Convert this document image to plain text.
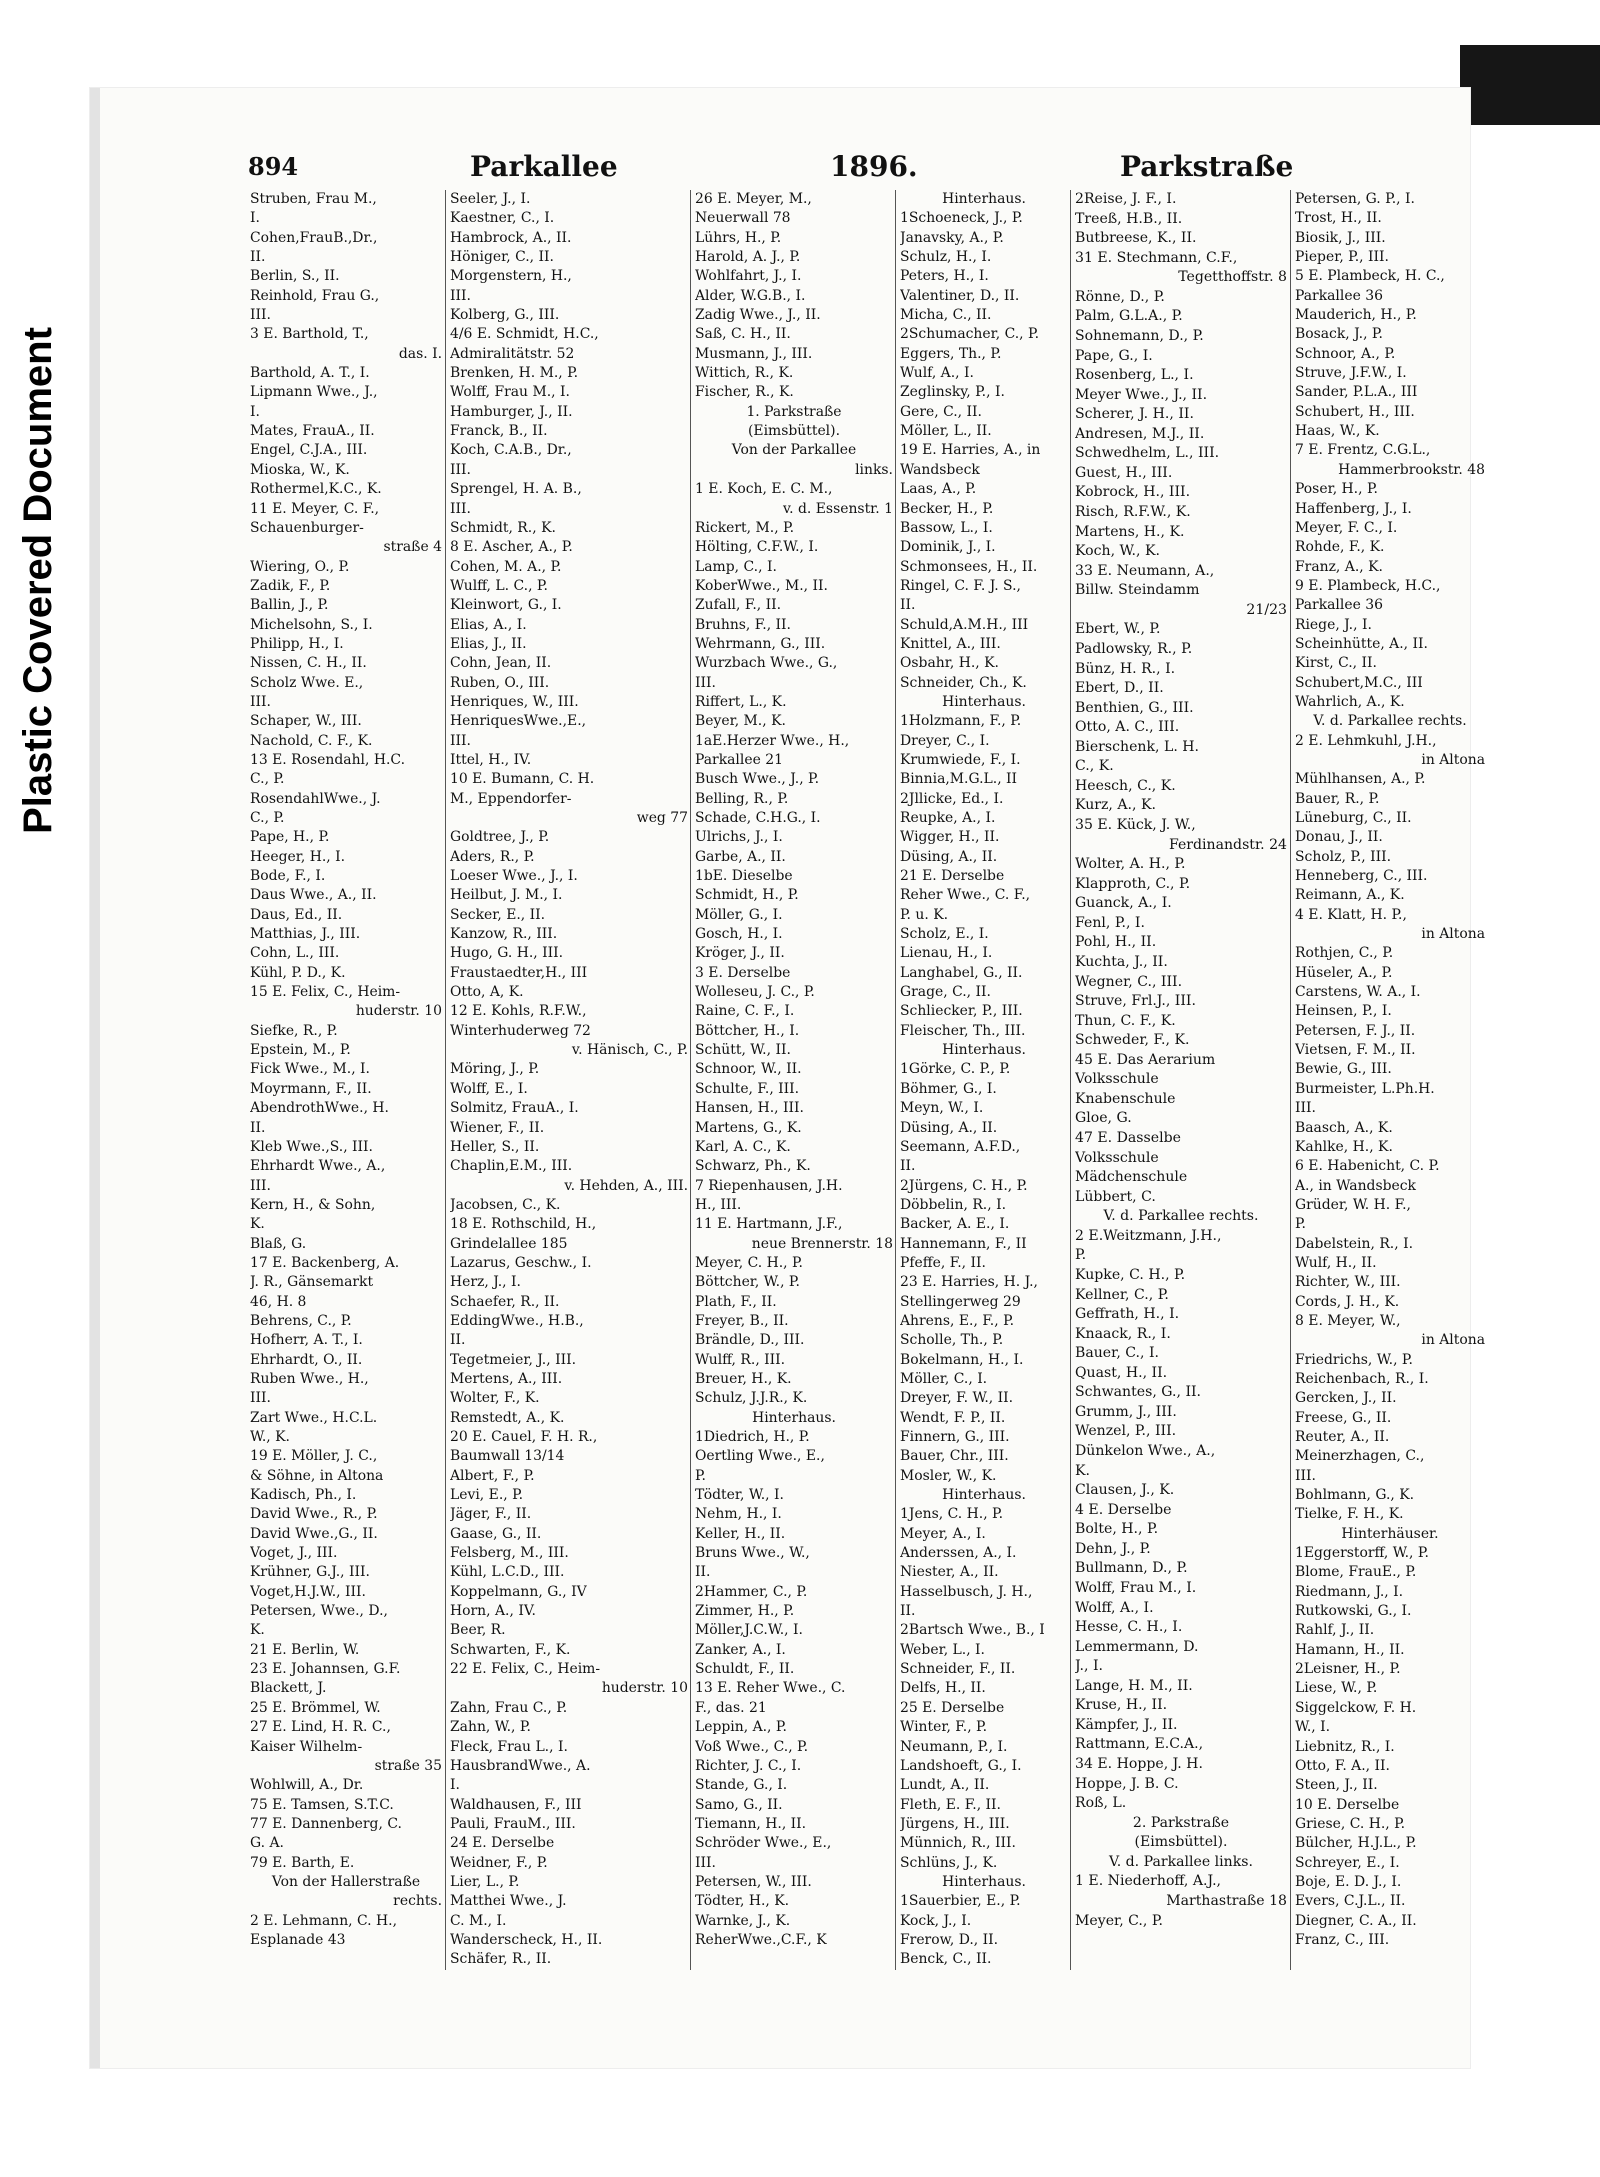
Plastic Covered Document
894	Parkallee	1896.	Parkstraße
Struben, Frau M.,
I.
Cohen,FrauB.,Dr.,
II.
Berlin, S., II.
Reinhold, Frau G.,
III.
3 E. Barthold, T.,
das. I.
Barthold, A. T., I.
Lipmann Wwe., J.,
I.
Mates, FrauA., II.
Engel, C.J.A., III.
Mioska, W., K.
Rothermel,K.C., K.
11 E. Meyer, C. F.,
Schauenburger-
straße 4
Wiering, O., P.
Zadik, F., P.
Ballin, J., P.
Michelsohn, S., I.
Philipp, H., I.
Nissen, C. H., II.
Scholz Wwe. E.,
III.
Schaper, W., III.
Nachold, C. F., K.
13 E. Rosendahl, H.C.
C., P.
RosendahlWwe., J.
C., P.
Pape, H., P.
Heeger, H., I.
Bode, F., I.
Daus Wwe., A., II.
Daus, Ed., II.
Matthias, J., III.
Cohn, L., III.
Kühl, P. D., K.
15 E. Felix, C., Heim-
huderstr. 10
Siefke, R., P.
Epstein, M., P.
Fick Wwe., M., I.
Moyrmann, F., II.
AbendrothWwe., H.
II.
Kleb Wwe.,S., III.
Ehrhardt Wwe., A.,
III.
Kern, H., & Sohn,
K.
Blaß, G.
17 E. Backenberg, A.
J. R., Gänsemarkt
46, H. 8
Behrens, C., P.
Hofherr, A. T., I.
Ehrhardt, O., II.
Ruben Wwe., H.,
III.
Zart Wwe., H.C.L.
W., K.
19 E. Möller, J. C.,
& Söhne, in Altona
Kadisch, Ph., I.
David Wwe., R., P.
David Wwe.,G., II.
Voget, J., III.
Krühner, G.J., III.
Voget,H.J.W., III.
Petersen, Wwe., D.,
K.
21 E. Berlin, W.
23 E. Johannsen, G.F.
Blackett, J.
25 E. Brömmel, W.
27 E. Lind, H. R. C.,
Kaiser Wilhelm-
straße 35
Wohlwill, A., Dr.
75 E. Tamsen, S.T.C.
77 E. Dannenberg, C.
G. A.
79 E. Barth, E.
Von der Hallerstraße
rechts.
2 E. Lehmann, C. H.,
Esplanade 43
Seeler, J., I.
Kaestner, C., I.
Hambrock, A., II.
Höniger, C., II.
Morgenstern, H.,
III.
Kolberg, G., III.
4/6 E. Schmidt, H.C.,
Admiralitätstr. 52
Brenken, H. M., P.
Wolff, Frau M., I.
Hamburger, J., II.
Franck, B., II.
Koch, C.A.B., Dr.,
III.
Sprengel, H. A. B.,
III.
Schmidt, R., K.
8 E. Ascher, A., P.
Cohen, M. A., P.
Wulff, L. C., P.
Kleinwort, G., I.
Elias, A., I.
Elias, J., II.
Cohn, Jean, II.
Ruben, O., III.
Henriques, W., III.
HenriquesWwe.,E.,
III.
Ittel, H., IV.
10 E. Bumann, C. H.
M., Eppendorfer-
weg 77
Goldtree, J., P.
Aders, R., P.
Loeser Wwe., J., I.
Heilbut, J. M., I.
Secker, E., II.
Kanzow, R., III.
Hugo, G. H., III.
Fraustaedter,H., III
Otto, A, K.
12 E. Kohls, R.F.W.,
Winterhuderweg 72
v. Hänisch, C., P.
Möring, J., P.
Wolff, E., I.
Solmitz, FrauA., I.
Wiener, F., II.
Heller, S., II.
Chaplin,E.M., III.
v. Hehden, A., III.
Jacobsen, C., K.
18 E. Rothschild, H.,
Grindelallee 185
Lazarus, Geschw., I.
Herz, J., I.
Schaefer, R., II.
EddingWwe., H.B.,
II.
Tegetmeier, J., III.
Mertens, A., III.
Wolter, F., K.
Remstedt, A., K.
20 E. Cauel, F. H. R.,
Baumwall 13/14
Albert, F., P.
Levi, E., P.
Jäger, F., II.
Gaase, G., II.
Felsberg, M., III.
Kühl, L.C.D., III.
Koppelmann, G., IV
Horn, A., IV.
Beer, R.
Schwarten, F., K.
22 E. Felix, C., Heim-
huderstr. 10
Zahn, Frau C., P.
Zahn, W., P.
Fleck, Frau L., I.
HausbrandWwe., A.
I.
Waldhausen, F., III
Pauli, FrauM., III.
24 E. Derselbe
Weidner, F., P.
Lier, L., P.
Matthei Wwe., J.
C. M., I.
Wanderscheck, H., II.
Schäfer, R., II.
26 E. Meyer, M.,
Neuerwall 78
Lührs, H., P.
Harold, A. J., P.
Wohlfahrt, J., I.
Alder, W.G.B., I.
Zadig Wwe., J., II.
Saß, C. H., II.
Musmann, J., III.
Wittich, R., K.
Fischer, R., K.
1. Parkstraße
(Eimsbüttel).
Von der Parkallee
links.
1 E. Koch, E. C. M.,
v. d. Essenstr. 1
Rickert, M., P.
Hölting, C.F.W., I.
Lamp, C., I.
KoberWwe., M., II.
Zufall, F., II.
Bruhns, F., II.
Wehrmann, G., III.
Wurzbach Wwe., G.,
III.
Riffert, L., K.
Beyer, M., K.
1aE.Herzer Wwe., H.,
Parkallee 21
Busch Wwe., J., P.
Belling, R., P.
Schade, C.H.G., I.
Ulrichs, J., I.
Garbe, A., II.
1bE. Dieselbe
Schmidt, H., P.
Möller, G., I.
Gosch, H., I.
Kröger, J., II.
3 E. Derselbe
Wolleseu, J. C., P.
Raine, C. F., I.
Böttcher, H., I.
Schütt, W., II.
Schnoor, W., II.
Schulte, F., III.
Hansen, H., III.
Martens, G., K.
Karl, A. C., K.
Schwarz, Ph., K.
7 Riepenhausen, J.H.
H., III.
11 E. Hartmann, J.F.,
neue Brennerstr. 18
Meyer, C. H., P.
Böttcher, W., P.
Plath, F., II.
Freyer, B., II.
Brändle, D., III.
Wulff, R., III.
Breuer, H., K.
Schulz, J.J.R., K.
Hinterhaus.
1Diedrich, H., P.
Oertling Wwe., E.,
P.
Tödter, W., I.
Nehm, H., I.
Keller, H., II.
Bruns Wwe., W.,
II.
2Hammer, C., P.
Zimmer, H., P.
Möller,J.C.W., I.
Zanker, A., I.
Schuldt, F., II.
13 E. Reher Wwe., C.
F., das. 21
Leppin, A., P.
Voß Wwe., C., P.
Richter, J. C., I.
Stande, G., I.
Samo, G., II.
Tiemann, H., II.
Schröder Wwe., E.,
III.
Petersen, W., III.
Tödter, H., K.
Warnke, J., K.
ReherWwe.,C.F., K
Hinterhaus.
1Schoeneck, J., P.
Janavsky, A., P.
Schulz, H., I.
Peters, H., I.
Valentiner, D., II.
Micha, C., II.
2Schumacher, C., P.
Eggers, Th., P.
Wulf, A., I.
Zeglinsky, P., I.
Gere, C., II.
Möller, L., II.
19 E. Harries, A., in
Wandsbeck
Laas, A., P.
Becker, H., P.
Bassow, L., I.
Dominik, J., I.
Schmonsees, H., II.
Ringel, C. F. J. S.,
II.
Schuld,A.M.H., III
Knittel, A., III.
Osbahr, H., K.
Schneider, Ch., K.
Hinterhaus.
1Holzmann, F., P.
Dreyer, C., I.
Krumwiede, F., I.
Binnia,M.G.L., II
2Jllicke, Ed., I.
Reupke, A., I.
Wigger, H., II.
Düsing, A., II.
21 E. Derselbe
Reher Wwe., C. F.,
P. u. K.
Scholz, E., I.
Lienau, H., I.
Langhabel, G., II.
Grage, C., II.
Schliecker, P., III.
Fleischer, Th., III.
Hinterhaus.
1Görke, C. P., P.
Böhmer, G., I.
Meyn, W., I.
Düsing, A., II.
Seemann, A.F.D.,
II.
2Jürgens, C. H., P.
Döbbelin, R., I.
Backer, A. E., I.
Hannemann, F., II
Pfeffe, F., II.
23 E. Harries, H. J.,
Stellingerweg 29
Ahrens, E., F., P.
Scholle, Th., P.
Bokelmann, H., I.
Möller, C., I.
Dreyer, F. W., II.
Wendt, F. P., II.
Finnern, G., III.
Bauer, Chr., III.
Mosler, W., K.
Hinterhaus.
1Jens, C. H., P.
Meyer, A., I.
Anderssen, A., I.
Niester, A., II.
Hasselbusch, J. H.,
II.
2Bartsch Wwe., B., I
Weber, L., I.
Schneider, F., II.
Delfs, H., II.
25 E. Derselbe
Winter, F., P.
Neumann, P., I.
Landshoeft, G., I.
Lundt, A., II.
Fleth, E. F., II.
Jürgens, H., III.
Münnich, R., III.
Schlüns, J., K.
Hinterhaus.
1Sauerbier, E., P.
Kock, J., I.
Frerow, D., II.
Benck, C., II.
2Reise, J. F., I.
Treeß, H.B., II.
Butbreese, K., II.
31 E. Stechmann, C.F.,
Tegetthoffstr. 8
Rönne, D., P.
Palm, G.L.A., P.
Sohnemann, D., P.
Pape, G., I.
Rosenberg, L., I.
Meyer Wwe., J., II.
Scherer, J. H., II.
Andresen, M.J., II.
Schwedhelm, L., III.
Guest, H., III.
Kobrock, H., III.
Risch, R.F.W., K.
Martens, H., K.
Koch, W., K.
33 E. Neumann, A.,
Billw. Steindamm
21/23
Ebert, W., P.
Padlowsky, R., P.
Bünz, H. R., I.
Ebert, D., II.
Benthien, G., III.
Otto, A. C., III.
Bierschenk, L. H.
C., K.
Heesch, C., K.
Kurz, A., K.
35 E. Kück, J. W.,
Ferdinandstr. 24
Wolter, A. H., P.
Klapproth, C., P.
Guanck, A., I.
Fenl, P., I.
Pohl, H., II.
Kuchta, J., II.
Wegner, C., III.
Struve, Frl.J., III.
Thun, C. F., K.
Schweder, F., K.
45 E. Das Aerarium
Volksschule
Knabenschule
Gloe, G.
47 E. Dasselbe
Volksschule
Mädchenschule
Lübbert, C.
V. d. Parkallee rechts.
2 E.Weitzmann, J.H.,
P.
Kupke, C. H., P.
Kellner, C., P.
Geffrath, H., I.
Knaack, R., I.
Bauer, C., I.
Quast, H., II.
Schwantes, G., II.
Grumm, J., III.
Wenzel, P., III.
Dünkelon Wwe., A.,
K.
Clausen, J., K.
4 E. Derselbe
Bolte, H., P.
Dehn, J., P.
Bullmann, D., P.
Wolff, Frau M., I.
Wolff, A., I.
Hesse, C. H., I.
Lemmermann, D.
J., I.
Lange, H. M., II.
Kruse, H., II.
Kämpfer, J., II.
Rattmann, E.C.A.,
34 E. Hoppe, J. H.
Hoppe, J. B. C.
Roß, L.
2. Parkstraße
(Eimsbüttel).
V. d. Parkallee links.
1 E. Niederhoff, A.J.,
Marthastraße 18
Meyer, C., P.
Petersen, G. P., I.
Trost, H., II.
Biosik, J., III.
Pieper, P., III.
5 E. Plambeck, H. C.,
Parkallee 36
Mauderich, H., P.
Bosack, J., P.
Schnoor, A., P.
Struve, J.F.W., I.
Sander, P.L.A., III
Schubert, H., III.
Haas, W., K.
7 E. Frentz, C.G.L.,
Hammerbrookstr. 48
Poser, H., P.
Haffenberg, J., I.
Meyer, F. C., I.
Rohde, F., K.
Franz, A., K.
9 E. Plambeck, H.C.,
Parkallee 36
Riege, J., I.
Scheinhütte, A., II.
Kirst, C., II.
Schubert,M.C., III
Wahrlich, A., K.
V. d. Parkallee rechts.
2 E. Lehmkuhl, J.H.,
in Altona
Mühlhansen, A., P.
Bauer, R., P.
Lüneburg, C., II.
Donau, J., II.
Scholz, P., III.
Henneberg, C., III.
Reimann, A., K.
4 E. Klatt, H. P.,
in Altona
Rothjen, C., P.
Hüseler, A., P.
Carstens, W. A., I.
Heinsen, P., I.
Petersen, F. J., II.
Vietsen, F. M., II.
Bewie, G., III.
Burmeister, L.Ph.H.
III.
Baasch, A., K.
Kahlke, H., K.
6 E. Habenicht, C. P.
A., in Wandsbeck
Grüder, W. H. F.,
P.
Dabelstein, R., I.
Wulf, H., II.
Richter, W., III.
Cords, J. H., K.
8 E. Meyer, W.,
in Altona
Friedrichs, W., P.
Reichenbach, R., I.
Gercken, J., II.
Freese, G., II.
Reuter, A., II.
Meinerzhagen, C.,
III.
Bohlmann, G., K.
Tielke, F. H., K.
Hinterhäuser.
1Eggerstorff, W., P.
Blome, FrauE., P.
Riedmann, J., I.
Rutkowski, G., I.
Rahlf, J., II.
Hamann, H., II.
2Leisner, H., P.
Liese, W., P.
Siggelckow, F. H.
W., I.
Liebnitz, R., I.
Otto, F. A., II.
Steen, J., II.
10 E. Derselbe
Griese, C. H., P.
Bülcher, H.J.L., P.
Schreyer, E., I.
Boje, E. D. J., I.
Evers, C.J.L., II.
Diegner, C. A., II.
Franz, C., III.
